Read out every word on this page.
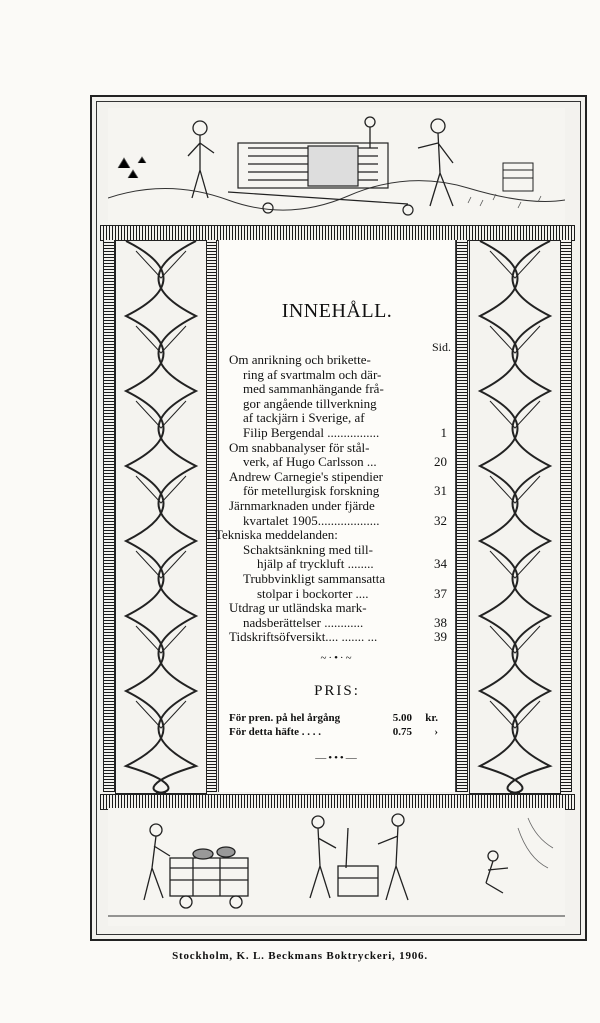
INNEHÅLL.
Sid.
Om anrikning och brikette-
ring af svartmalm och där-
med sammanhängande frå-
gor angående tillverkning
af tackjärn i Sverige, af
Filip Bergendal ................	1
Om snabbanalyser för stål-
verk, af Hugo Carlsson ...	20
Andrew Carnegie's stipendier
för metellurgisk forskning	31
Järnmarknaden under fjärde
kvartalet 1905...................	32
Tekniska meddelanden:
Schaktsänkning med till-
hjälp af tryckluft ........	34
Trubbvinkligt sammansatta
stolpar i bockorter ....	37
Utdrag ur utländska mark-
nadsberättelser ............	38
Tidskriftsöfversikt.... ....... ...	39
~·•·~
PRIS:
För pren. på hel årgång	5.00	kr.
För detta häfte . . . .	0.75	›
—•••—
Stockholm, K. L. Beckmans Boktryckeri, 1906.
